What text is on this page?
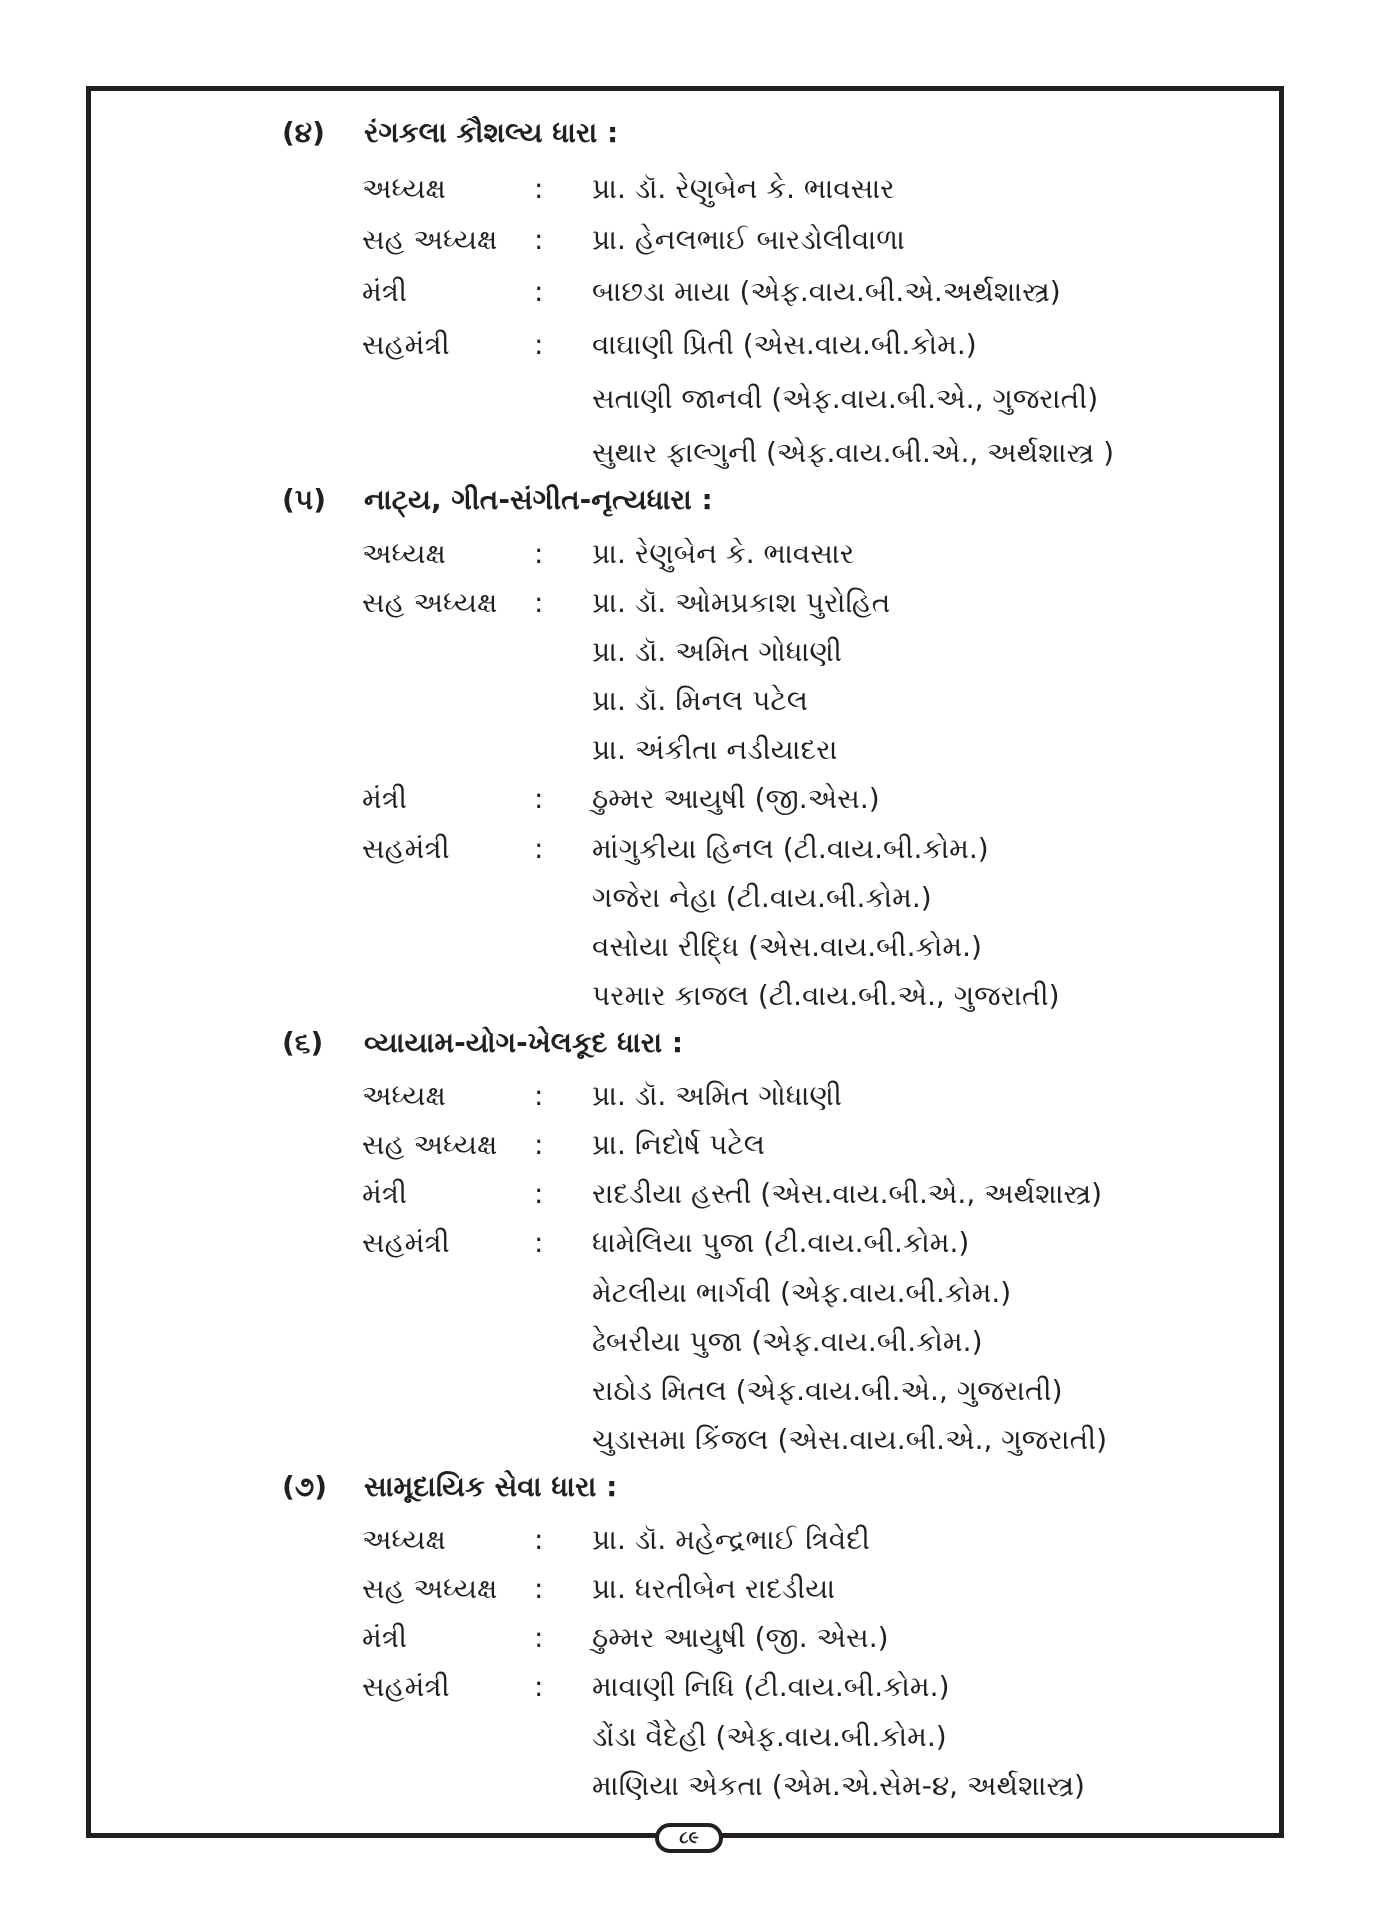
(૪)	રંગકલા કૌશલ્ય ધારા :
અધ્યક્ષ	:	પ્રા. ડૉ. રેણુબેન કે. ભાવસાર
સહ અધ્યક્ષ	:	પ્રા. હેનલભાઈ બારડોલીવાળા
મંત્રી	:	બાછડા માયા (એફ.વાય.બી.એ.અર્થશાસ્ત્ર)
સહમંત્રી	:	વાઘાણી પ્રિતી (એસ.વાય.બી.કોમ.)
સતાણી જાનવી (એફ.વાય.બી.એ., ગુજરાતી)
સુથાર ફાલ્ગુની (એફ.વાય.બી.એ., અર્થશાસ્ત્ર )
(૫)	નાટ્ય, ગીત-સંગીત-નૃત્યધારા :
અધ્યક્ષ	:	પ્રા. રેણુબેન કે. ભાવસાર
સહ અધ્યક્ષ	:	પ્રા. ડૉ. ઓમપ્રકાશ પુરોહિત
પ્રા. ડૉ. અમિત ગોધાણી
પ્રા. ડૉ. મિનલ પટેલ
પ્રા. અંકીતા નડીયાદરા
મંત્રી	:	ઠુમ્મર આયુષી (જી.એસ.)
સહમંત્રી	:	માંગુકીયા હિનલ (ટી.વાય.બી.કોમ.)
ગજેરા નેહા (ટી.વાય.બી.કોમ.)
વસોયા રીદ્ધિ (એસ.વાય.બી.કોમ.)
પરમાર કાજલ (ટી.વાય.બી.એ., ગુજરાતી)
(૬)	વ્યાયામ-યોગ-ખેલકૂદ ધારા :
અધ્યક્ષ	:	પ્રા. ડૉ. અમિત ગોધાણી
સહ અધ્યક્ષ	:	પ્રા. નિદોર્ષ પટેલ
મંત્રી	:	રાદડીયા હસ્તી (એસ.વાય.બી.એ., અર્થશાસ્ત્ર)
સહમંત્રી	:	ધામેલિયા પુજા (ટી.વાય.બી.કોમ.)
મેટલીયા ભાર્ગવી (એફ.વાય.બી.કોમ.)
ઢેબરીયા પુજા (એફ.વાય.બી.કોમ.)
રાઠોડ મિતલ (એફ.વાય.બી.એ., ગુજરાતી)
ચુડાસમા કિંજલ (એસ.વાય.બી.એ., ગુજરાતી)
(૭)	સામૂદાયિક સેવા ધારા :
અધ્યક્ષ	:	પ્રા. ડૉ. મહેન્દ્રભાઈ ત્રિવેદી
સહ અધ્યક્ષ	:	પ્રા. ધરતીબેન રાદડીયા
મંત્રી	:	ઠુમ્મર આયુષી (જી. એસ.)
સહમંત્રી	:	માવાણી નિધિ (ટી.વાય.બી.કોમ.)
ડોંડા વૈદેહી (એફ.વાય.બી.કોમ.)
માણિયા એકતા (એમ.એ.સેમ-૪, અર્થશાસ્ત્ર)
૮૯
